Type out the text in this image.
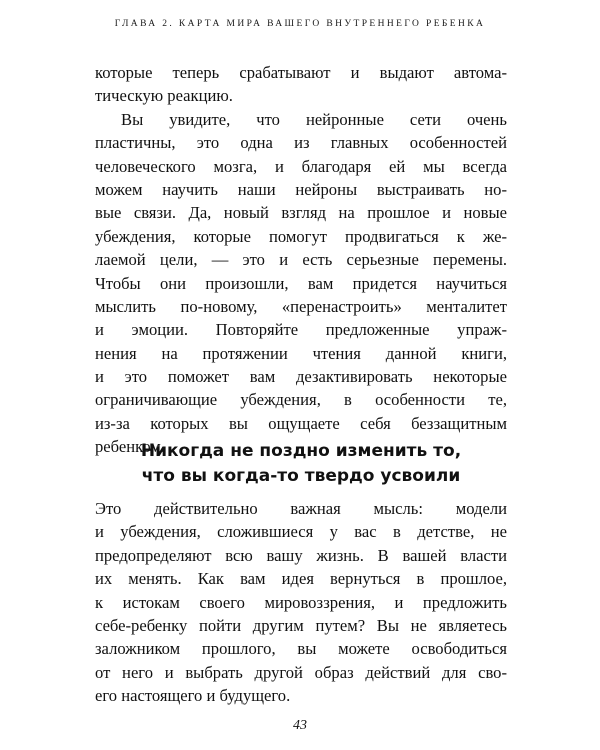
ГЛАВА 2. КАРТА МИРА ВАШЕГО ВНУТРЕННЕГО РЕБЕНКА
которые теперь срабатывают и выдают автома-
тическую реакцию.
Вы увидите, что нейронные сети очень
пластичны, это одна из главных особенностей
человеческого мозга, и благодаря ей мы всегда
можем научить наши нейроны выстраивать но-
вые связи. Да, новый взгляд на прошлое и новые
убеждения, которые помогут продвигаться к же-
лаемой цели, — это и есть серьезные перемены.
Чтобы они произошли, вам придется научиться
мыслить по-новому, «перенастроить» менталитет
и эмоции. Повторяйте предложенные упраж-
нения на протяжении чтения данной книги,
и это поможет вам дезактивировать некоторые
ограничивающие убеждения, в особенности те,
из-за которых вы ощущаете себя беззащитным
ребенком.
Никогда не поздно изменить то,
что вы когда-то твердо усвоили
Это действительно важная мысль: модели
и убеждения, сложившиеся у вас в детстве, не
предопределяют всю вашу жизнь. В вашей власти
их менять. Как вам идея вернуться в прошлое,
к истокам своего мировоззрения, и предложить
себе-ребенку пойти другим путем? Вы не являетесь
заложником прошлого, вы можете освободиться
от него и выбрать другой образ действий для сво-
его настоящего и будущего.
43
